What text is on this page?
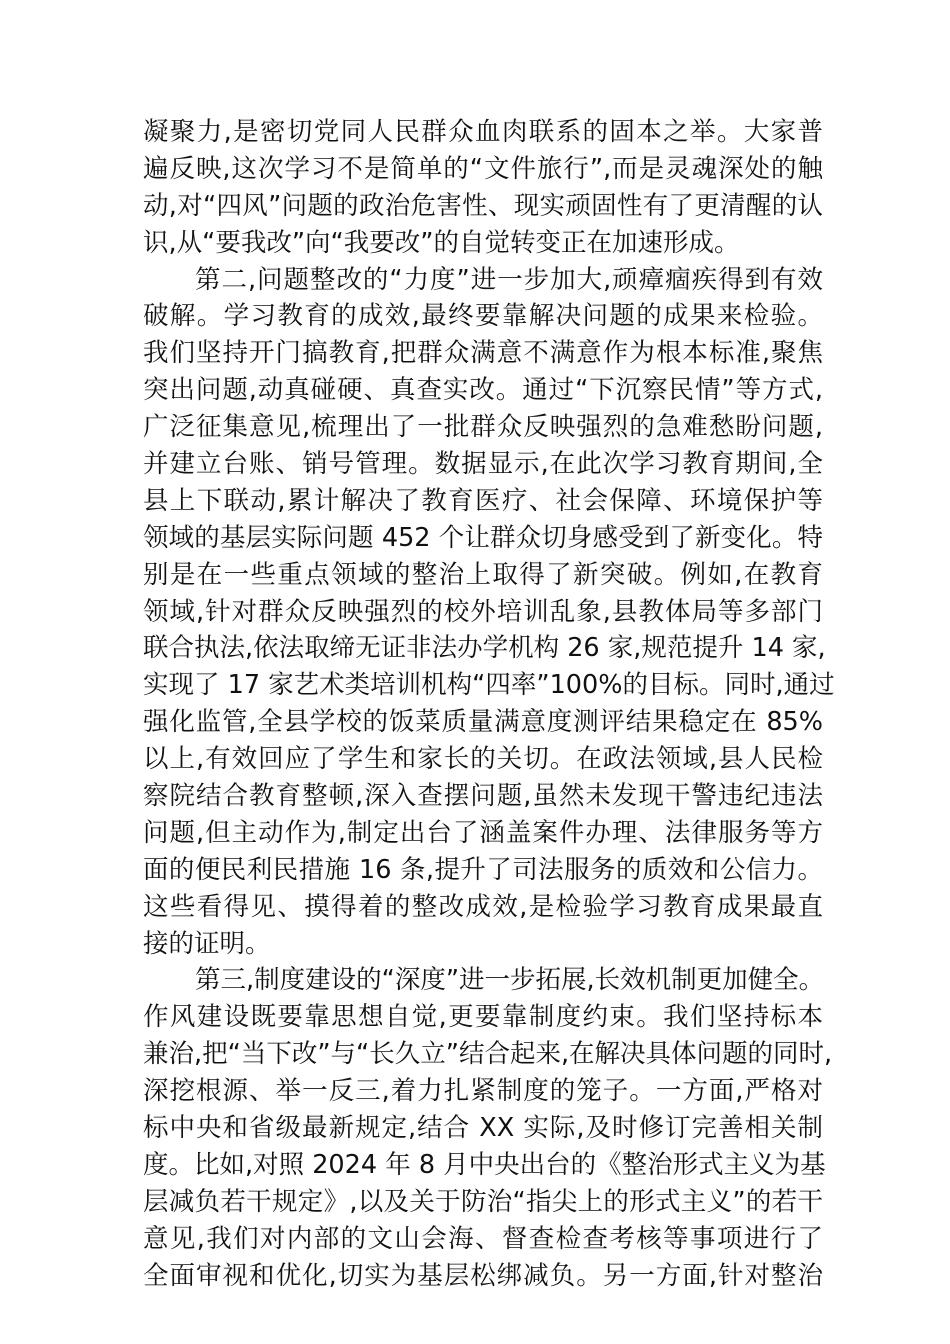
凝聚力,是密切党同人民群众血肉联系的固本之举。大家普
遍反映,这次学习不是简单的“文件旅行”,而是灵魂深处的触
动,对“四风”问题的政治危害性、现实顽固性有了更清醒的认
识,从“要我改”向“我要改”的自觉转变正在加速形成。
第二,问题整改的“力度”进一步加大,顽瘴痼疾得到有效
破解。学习教育的成效,最终要靠解决问题的成果来检验。
我们坚持开门搞教育,把群众满意不满意作为根本标准,聚焦
突出问题,动真碰硬、真查实改。通过“下沉察民情”等方式,
广泛征集意见,梳理出了一批群众反映强烈的急难愁盼问题,
并建立台账、销号管理。数据显示,在此次学习教育期间,全
县上下联动,累计解决了教育医疗、社会保障、环境保护等
领域的基层实际问题 452 个让群众切身感受到了新变化。特
别是在一些重点领域的整治上取得了新突破。例如,在教育
领域,针对群众反映强烈的校外培训乱象,县教体局等多部门
联合执法,依法取缔无证非法办学机构 26 家,规范提升 14 家,
实现了 17 家艺术类培训机构“四率”100%的目标。同时,通过
强化监管,全县学校的饭菜质量满意度测评结果稳定在 85%
以上,有效回应了学生和家长的关切。在政法领域,县人民检
察院结合教育整顿,深入查摆问题,虽然未发现干警违纪违法
问题,但主动作为,制定出台了涵盖案件办理、法律服务等方
面的便民利民措施 16 条,提升了司法服务的质效和公信力。
这些看得见、摸得着的整改成效,是检验学习教育成果最直
接的证明。
第三,制度建设的“深度”进一步拓展,长效机制更加健全。
作风建设既要靠思想自觉,更要靠制度约束。我们坚持标本
兼治,把“当下改”与“长久立”结合起来,在解决具体问题的同时,
深挖根源、举一反三,着力扎紧制度的笼子。一方面,严格对
标中央和省级最新规定,结合 XX 实际,及时修订完善相关制
度。比如,对照 2024 年 8 月中央出台的《整治形式主义为基
层减负若干规定》,以及关于防治“指尖上的形式主义”的若干
意见,我们对内部的文山会海、督查检查考核等事项进行了
全面审视和优化,切实为基层松绑减负。另一方面,针对整治
